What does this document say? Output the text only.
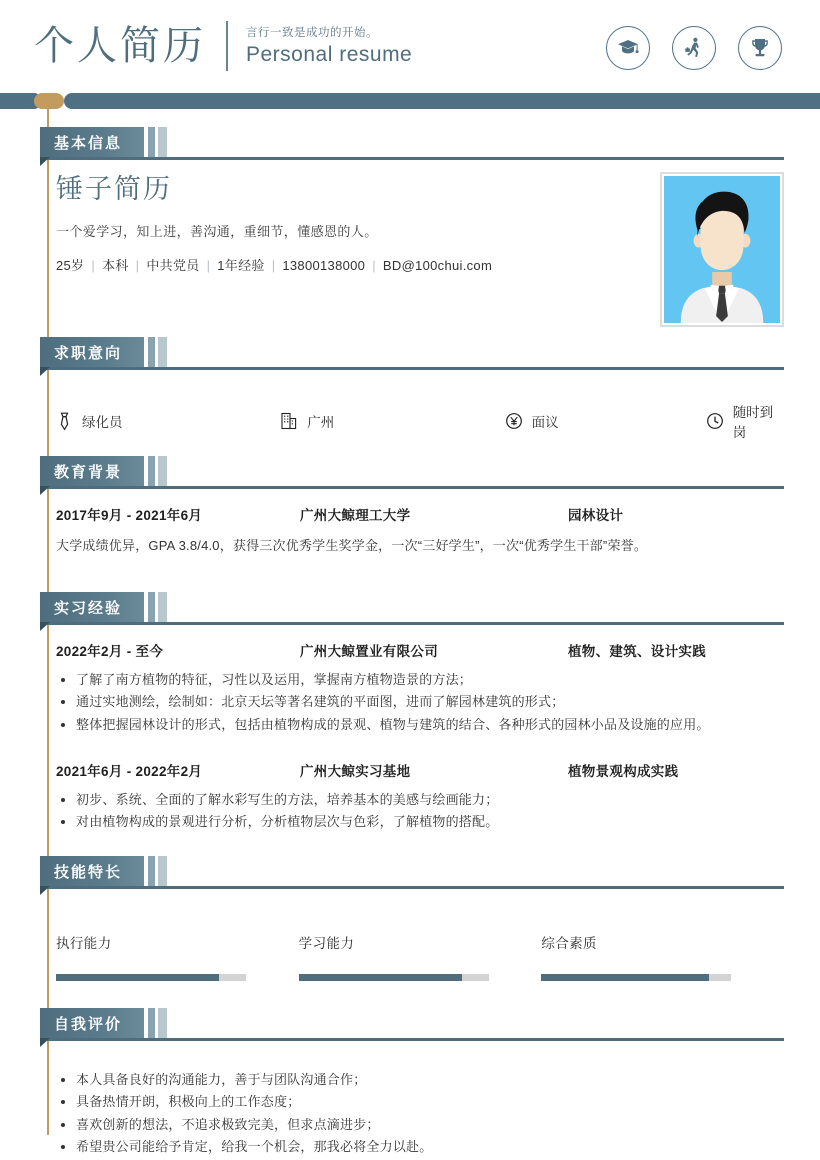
个人简历	言行一致是成功的开始。
Personal resume
基本信息
锤子简历
一个爱学习，知上进，善沟通，重细节，懂感恩的人。
25岁 | 本科 | 中共党员 | 1年经验 | 13800138000 | BD@100chui.com
求职意向
绿化员	广州	面议
随时到岗
教育背景
2017年9月 - 2021年6月	广州大鲸理工大学	园林设计
大学成绩优异，GPA 3.8/4.0，获得三次优秀学生奖学金，一次“三好学生”，一次“优秀学生干部”荣誉。
实习经验
2022年2月 - 至今	广州大鲸置业有限公司	植物、建筑、设计实践
了解了南方植物的特征，习性以及运用，掌握南方植物造景的方法；
通过实地测绘，绘制如：北京天坛等著名建筑的平面图，进而了解园林建筑的形式；
整体把握园林设计的形式，包括由植物构成的景观、植物与建筑的结合、各种形式的园林小品及设施的应用。
2021年6月 - 2022年2月	广州大鲸实习基地	植物景观构成实践
初步、系统、全面的了解水彩写生的方法，培养基本的美感与绘画能力；
对由植物构成的景观进行分析，分析植物层次与色彩，了解植物的搭配。
技能特长
执行能力	学习能力	综合素质
自我评价
本人具备良好的沟通能力，善于与团队沟通合作；
具备热情开朗，积极向上的工作态度；
喜欢创新的想法，不追求极致完美，但求点滴进步；
希望贵公司能给予肯定，给我一个机会，那我必将全力以赴。
